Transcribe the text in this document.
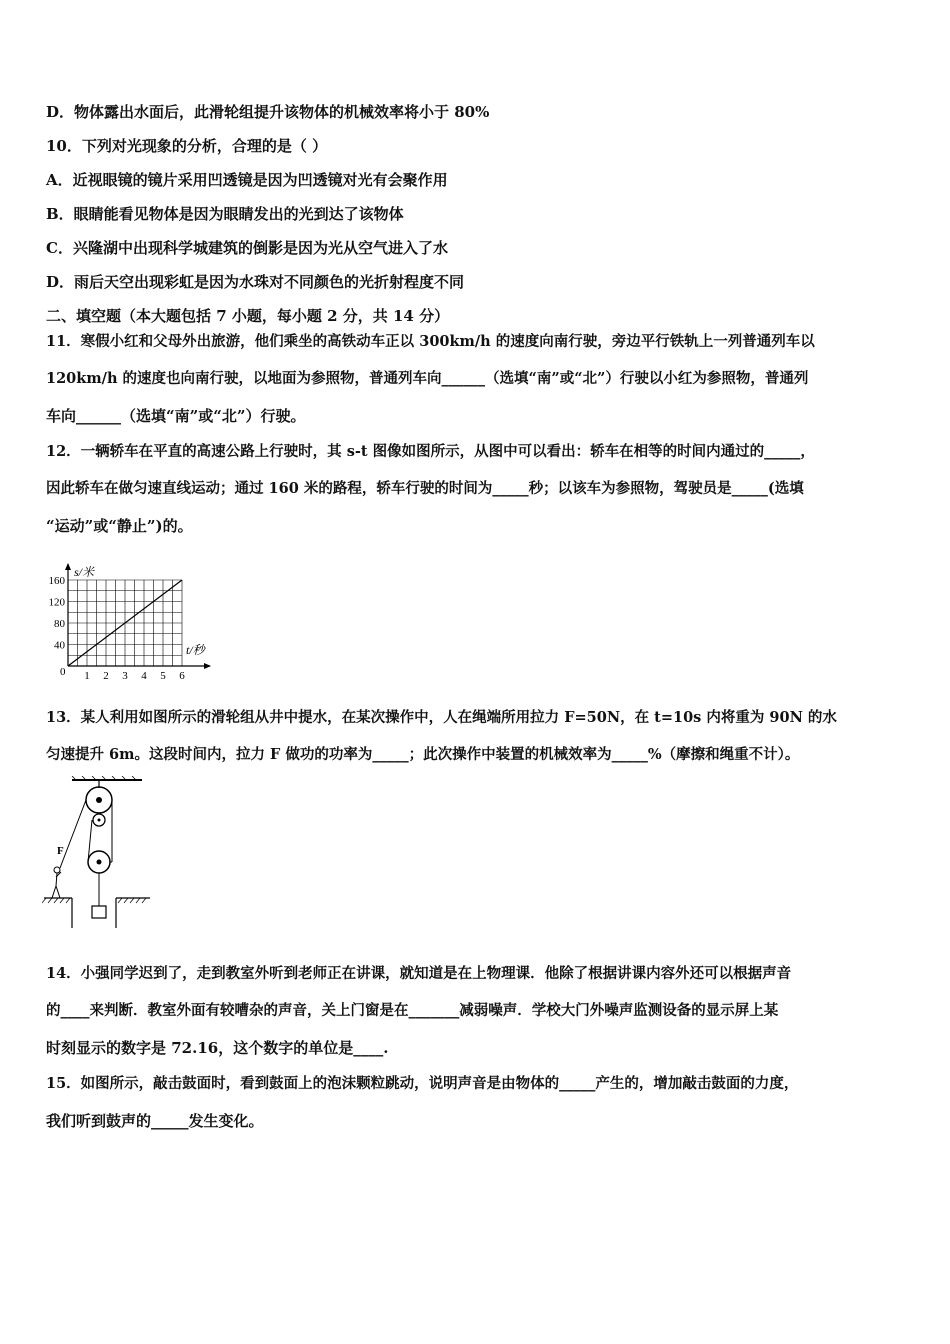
D．物体露出水面后，此滑轮组提升该物体的机械效率将小于 80%
10．下列对光现象的分析，合理的是（ ）
A．近视眼镜的镜片采用凹透镜是因为凹透镜对光有会聚作用
B．眼睛能看见物体是因为眼睛发出的光到达了该物体
C．兴隆湖中出现科学城建筑的倒影是因为光从空气进入了水
D．雨后天空出现彩虹是因为水珠对不同颜色的光折射程度不同
二、填空题（本大题包括 7 小题，每小题 2 分，共 14 分）
11．寒假小红和父母外出旅游，他们乘坐的高铁动车正以 300km/h 的速度向南行驶，旁边平行铁轨上一列普通列车以
120km/h 的速度也向南行驶，以地面为参照物，普通列车向______（选填“南”或“北”）行驶以小红为参照物，普通列
车向______（选填“南”或“北”）行驶。
12．一辆轿车在平直的高速公路上行驶时，其 s-t 图像如图所示，从图中可以看出：轿车在相等的时间内通过的_____，
因此轿车在做匀速直线运动；通过 160 米的路程，轿车行驶的时间为_____秒；以该车为参照物，驾驶员是_____(选填
“运动”或“静止”)的。
160
120
80
40
1 2 3 4 5 6
s/米
t/秒
0
13．某人利用如图所示的滑轮组从井中提水，在某次操作中，人在绳端所用拉力 F=50N，在 t=10s 内将重为 90N 的水
匀速提升 6m。这段时间内，拉力 F 做功的功率为_____；此次操作中装置的机械效率为_____%（摩擦和绳重不计）。
F
14．小强同学迟到了，走到教室外听到老师正在讲课，就知道是在上物理课．他除了根据讲课内容外还可以根据声音
的____来判断．教室外面有较嘈杂的声音，关上门窗是在_______减弱噪声．学校大门外噪声监测设备的显示屏上某
时刻显示的数字是 72.16，这个数字的单位是____.
15．如图所示，敲击鼓面时，看到鼓面上的泡沫颗粒跳动，说明声音是由物体的_____产生的，增加敲击鼓面的力度，
我们听到鼓声的_____发生变化。
